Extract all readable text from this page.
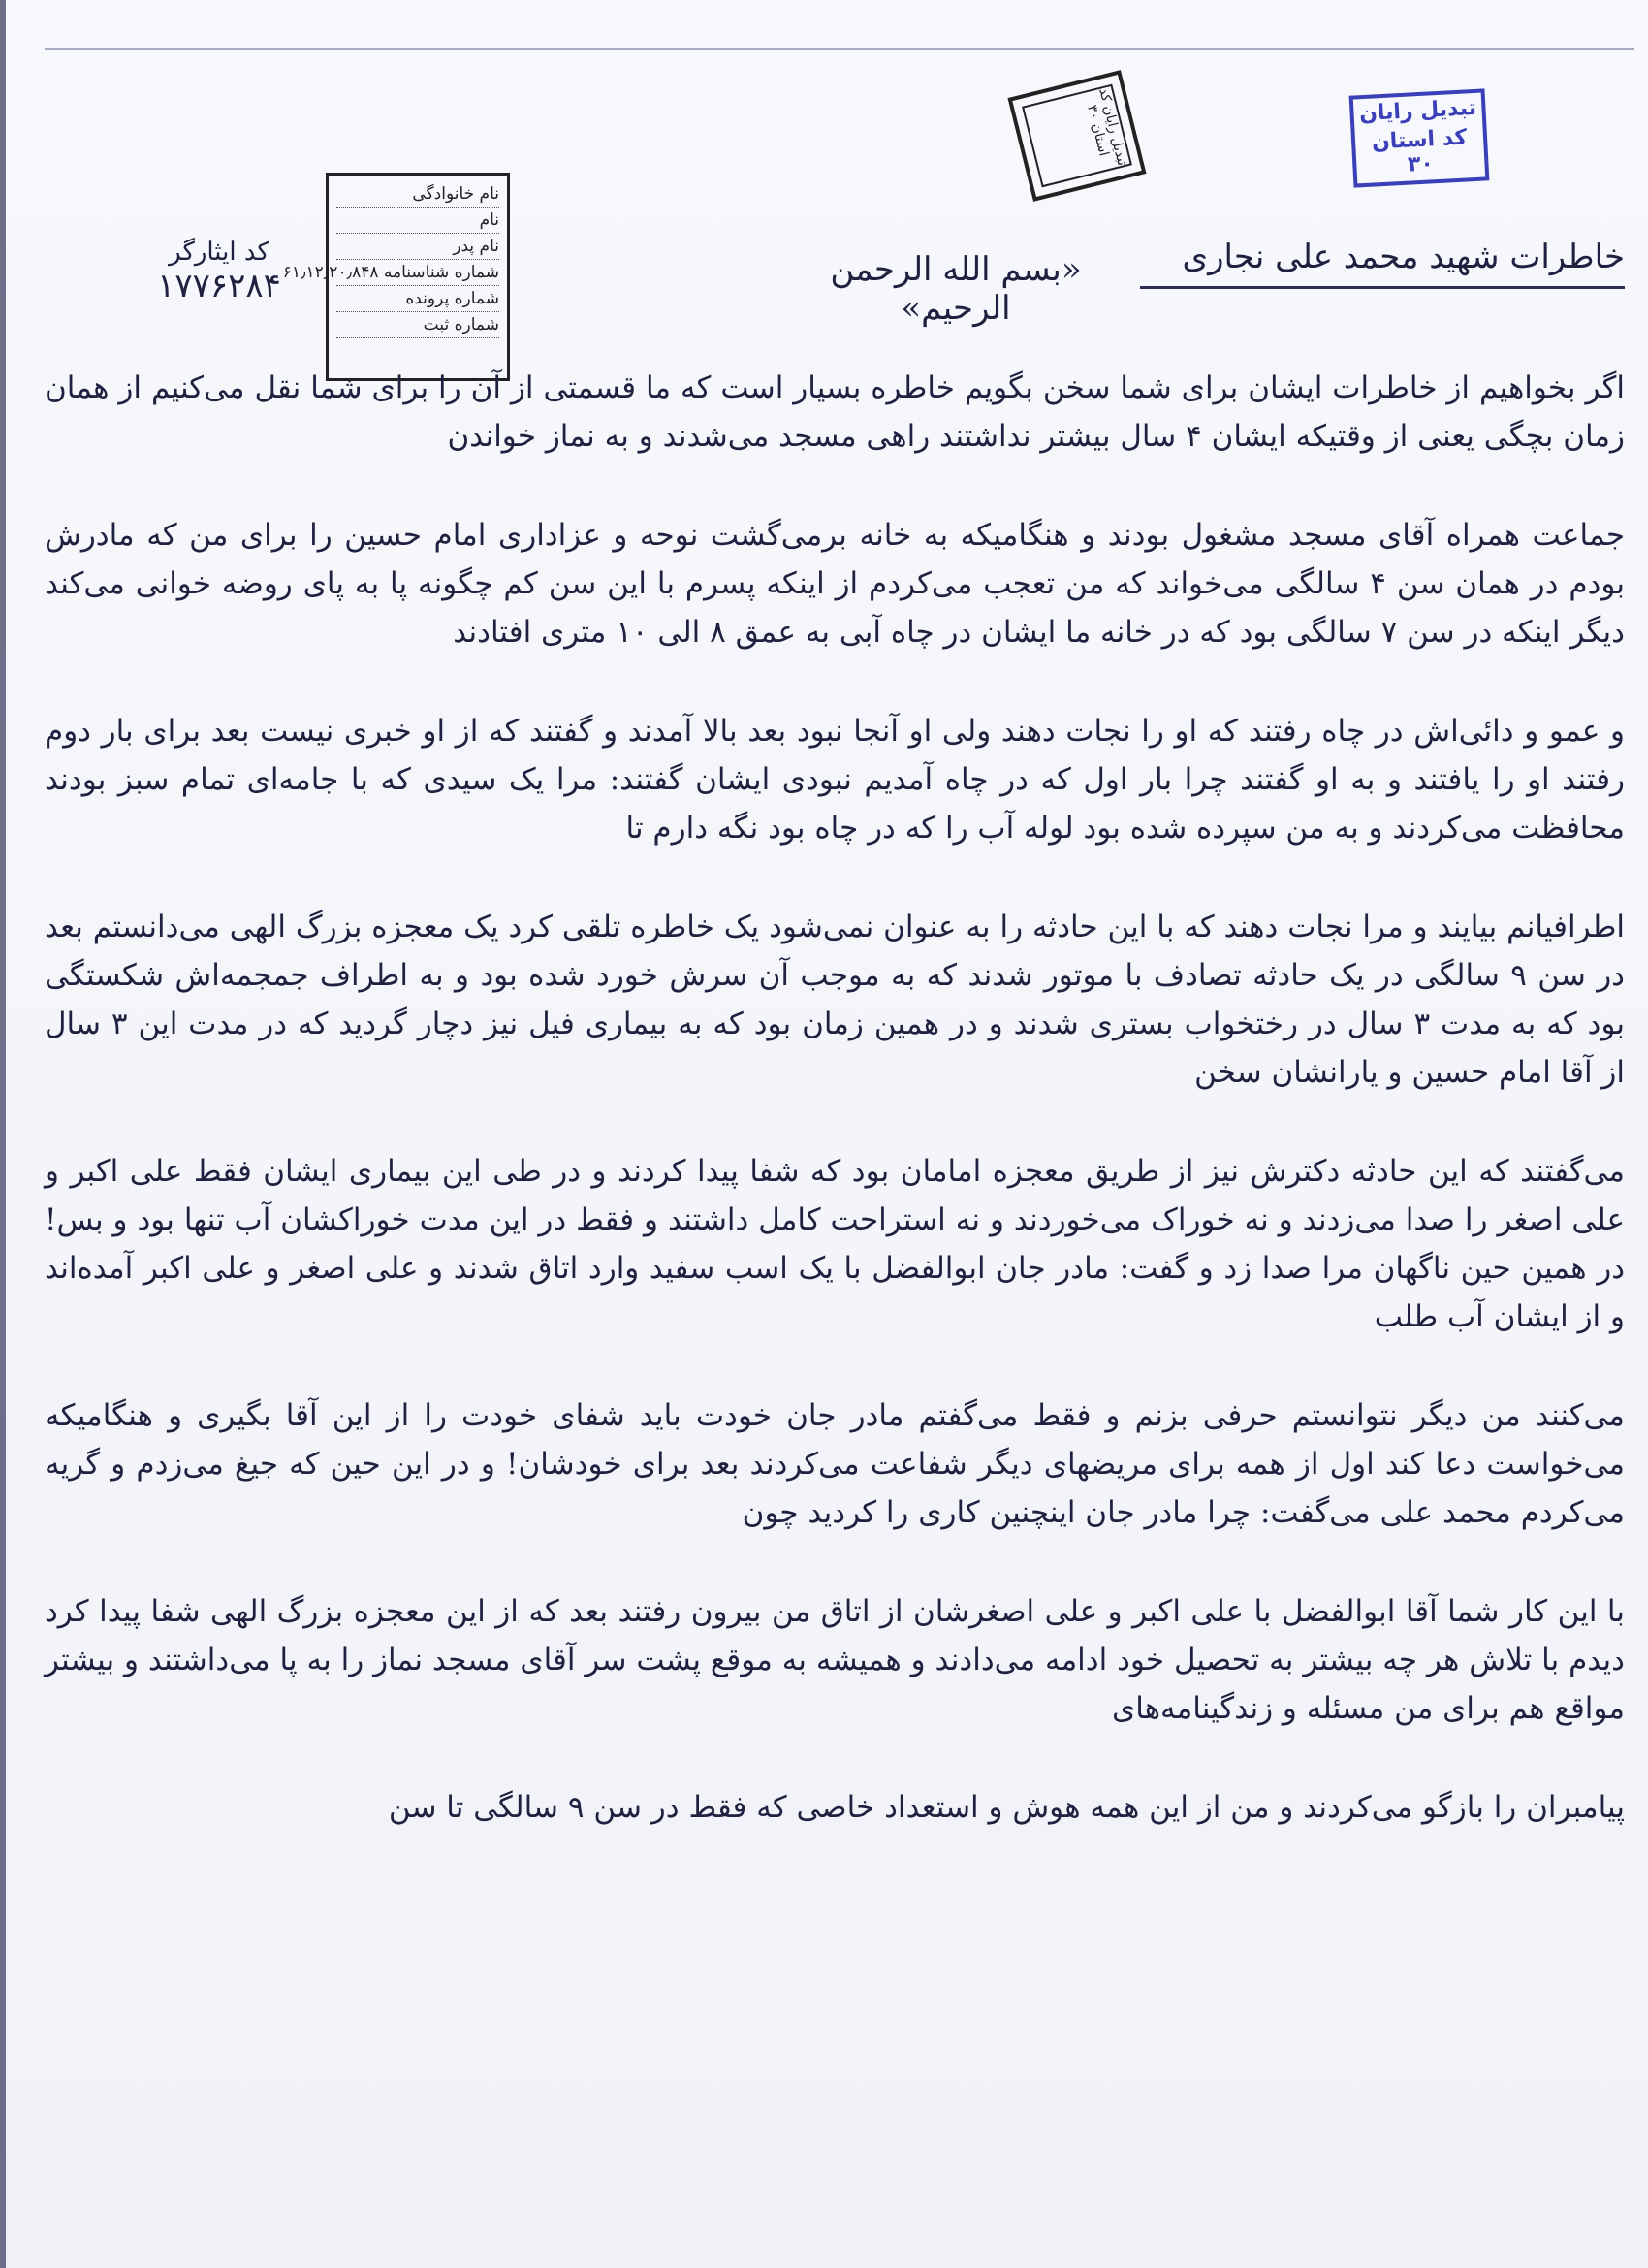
تبدیل رایان
کد استان ۳۰
تبدیل رایان کد استان ۳۰
نام خانوادگی
نام
نام پدر
شماره شناسنامه ۶۱٫۱۲٫۲۰٫۸۴۸
شماره پرونده
شماره ثبت
کد ایثارگر
۱۷۷۶۲۸۴	«بسم الله الرحمن الرحیم»
خاطرات شهید محمد علی نجاری

اگر بخواهیم از خاطرات ایشان برای شما سخن بگویم خاطره بسیار است که ما قسمتی از آن را برای شما نقل می‌کنیم از همان زمان بچگی یعنی از وقتیکه ایشان ۴ سال بیشتر نداشتند راهی مسجد می‌شدند و به نماز خواندن

جماعت همراه آقای مسجد مشغول بودند و هنگامیکه به خانه برمی‌گشت نوحه و عزاداری امام حسین را برای من که مادرش بودم در همان سن ۴ سالگی می‌خواند که من تعجب می‌کردم از اینکه پسرم با این سن کم چگونه پا به پای روضه خوانی می‌کند دیگر اینکه در سن ۷ سالگی بود که در خانه ما ایشان در چاه آبی به عمق ۸ الی ۱۰ متری افتادند

و عمو و دائی‌اش در چاه رفتند که او را نجات دهند ولی او آنجا نبود بعد بالا آمدند و گفتند که از او خبری نیست بعد برای بار دوم رفتند او را یافتند و به او گفتند چرا بار اول که در چاه آمدیم نبودی ایشان گفتند: مرا یک سیدی که با جامه‌ای تمام سبز بودند محافظت می‌کردند و به من سپرده شده بود لوله آب را که در چاه بود نگه دارم تا

اطرافیانم بیایند و مرا نجات دهند که با این حادثه را به عنوان نمی‌شود یک خاطره تلقی کرد یک معجزه بزرگ الهی می‌دانستم بعد در سن ۹ سالگی در یک حادثه تصادف با موتور شدند که به موجب آن سرش خورد شده بود و به اطراف جمجمه‌اش شکستگی بود که به مدت ۳ سال در رختخواب بستری شدند و در همین زمان بود که به بیماری فیل نیز دچار گردید که در مدت این ۳ سال از آقا امام حسین و یارانشان سخن

می‌گفتند که این حادثه دکترش نیز از طریق معجزه امامان بود که شفا پیدا کردند و در طی این بیماری ایشان فقط علی اکبر و علی اصغر را صدا می‌زدند و نه خوراک می‌خوردند و نه استراحت کامل داشتند و فقط در این مدت خوراکشان آب تنها بود و بس! در همین حین ناگهان مرا صدا زد و گفت: مادر جان ابوالفضل با یک اسب سفید وارد اتاق شدند و علی اصغر و علی اکبر آمده‌اند و از ایشان آب طلب

می‌کنند من دیگر نتوانستم حرفی بزنم و فقط می‌گفتم مادر جان خودت باید شفای خودت را از این آقا بگیری و هنگامیکه می‌خواست دعا کند اول از همه برای مریضهای دیگر شفاعت می‌کردند بعد برای خودشان! و در این حین که جیغ می‌زدم و گریه می‌کردم محمد علی می‌گفت: چرا مادر جان اینچنین کاری را کردید چون

با این کار شما آقا ابوالفضل با علی اکبر و علی اصغرشان از اتاق من بیرون رفتند بعد که از این معجزه بزرگ الهی شفا پیدا کرد دیدم با تلاش هر چه بیشتر به تحصیل خود ادامه می‌دادند و همیشه به موقع پشت سر آقای مسجد نماز را به پا می‌داشتند و بیشتر مواقع هم برای من مسئله و زندگینامه‌های

پیامبران را بازگو می‌کردند و من از این همه هوش و استعداد خاصی که فقط در سن ۹ سالگی تا سن
